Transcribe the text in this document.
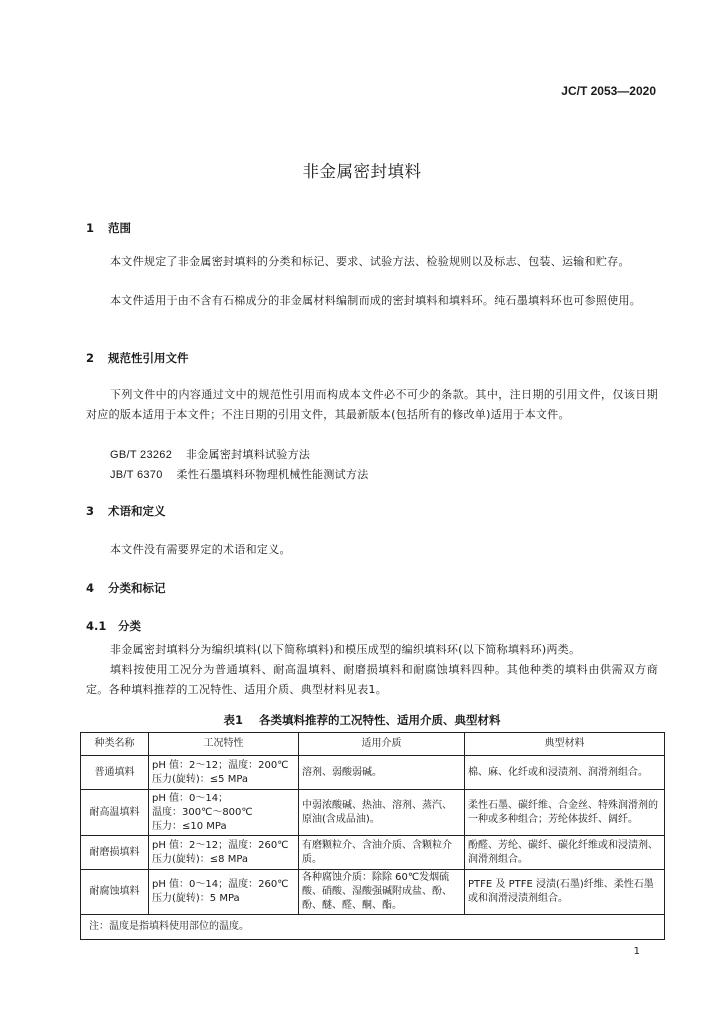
JC/T 2053—2020
非金属密封填料
1 范围
本文件规定了非金属密封填料的分类和标记、要求、试验方法、检验规则以及标志、包装、运输和贮存。
本文件适用于由不含有石棉成分的非金属材料编制而成的密封填料和填料环。纯石墨填料环也可参照使用。
2 规范性引用文件
下列文件中的内容通过文中的规范性引用而构成本文件必不可少的条款。其中，注日期的引用文件，仅该日期对应的版本适用于本文件；不注日期的引用文件，其最新版本(包括所有的修改单)适用于本文件。
GB/T 23262 非金属密封填料试验方法
JB/T 6370 柔性石墨填料环物理机械性能测试方法
3 术语和定义
本文件没有需要界定的术语和定义。
4 分类和标记
4.1 分类
非金属密封填料分为编织填料(以下简称填料)和模压成型的编织填料环(以下简称填料环)两类。
填料按使用工况分为普通填料、耐高温填料、耐磨损填料和耐腐蚀填料四种。其他种类的填料由供需双方商定。各种填料推荐的工况特性、适用介质、典型材料见表1。
表1 各类填料推荐的工况特性、适用介质、典型材料
种类名称	工况特性	适用介质	典型材料
普通填料	pH 值：2～12；温度：200℃
压力(旋转)：≤5 MPa	溶剂、弱酸弱碱。	棉、麻、化纤或和浸渍剂、润滑剂组合。
耐高温填料	pH 值：0～14；
温度：300℃～800℃
压力：≤10 MPa	中弱浓酸碱、热油、溶剂、蒸汽、原油(含成品油)。	柔性石墨、碳纤维、合金丝、特殊润滑剂的一种或多种组合；芳纶体拔纤、阔纤。
耐磨损填料	pH 值：2～12；温度：260℃
压力(旋转)：≤8 MPa	有磨颗粒介、含油介质、含颗粒介质。	酚醛、芳纶、碳纤、碳化纤维或和浸渍剂、润滑剂组合。
耐腐蚀填料	pH 值：0～14；温度：260℃
压力(旋转)：5 MPa	各种腐蚀介质：除除 60℃发烟硫酸、硝酸、湿酸强碱附成盐、酚、酚、醚、醛、酮、酯。	PTFE 及 PTFE 浸渍(石墨)纤维、柔性石墨或和润滑浸渍剂组合。
注：温度是指填料使用部位的温度。			
1
